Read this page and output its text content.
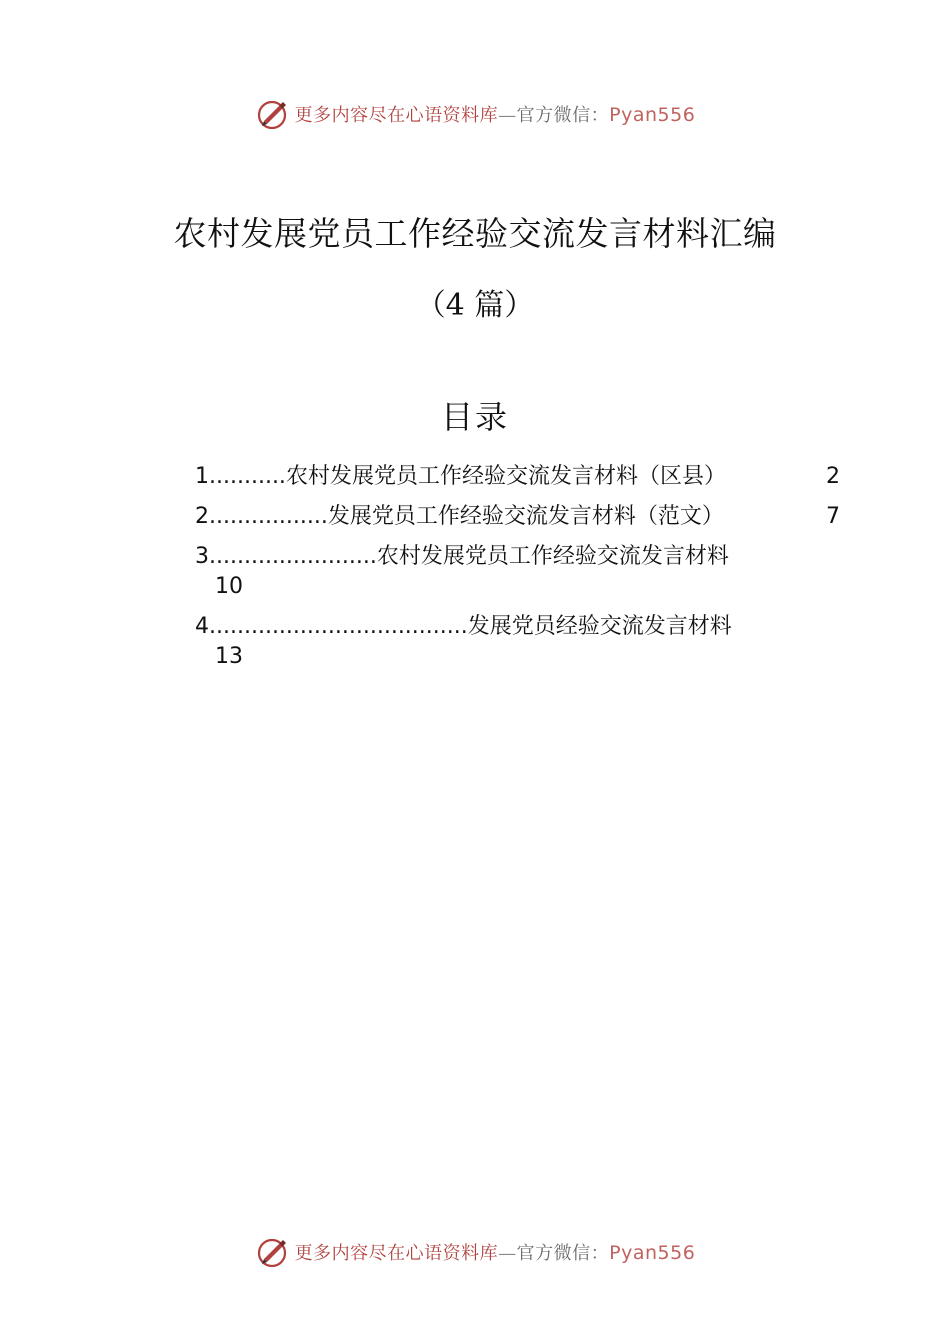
更多内容尽在心语资料库—官方微信：Pyan556
农村发展党员工作经验交流发言材料汇编
（4 篇）
目录
1...........农村发展党员工作经验交流发言材料（区县）	2
2.................发展党员工作经验交流发言材料（范文）	7
3........................农村发展党员工作经验交流发言材料
10
4.....................................发展党员经验交流发言材料
13
更多内容尽在心语资料库—官方微信：Pyan556
